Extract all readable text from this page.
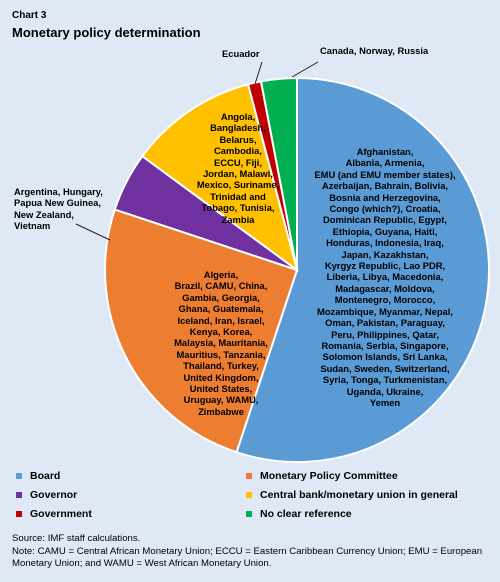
Chart 3
Monetary policy determination
Afghanistan,
Albania, Armenia,
EMU (and EMU member states),
Azerbaijan, Bahrain, Bolivia,
Bosnia and Herzegovina,
Congo (which?), Croatia,
Dominican Republic, Egypt,
Ethiopia, Guyana, Haiti,
Honduras, Indonesia, Iraq,
Japan, Kazakhstan,
Kyrgyz Republic, Lao PDR,
Liberia, Libya, Macedonia,
Madagascar, Moldova,
Montenegro, Morocco,
Mozambique, Myanmar, Nepal,
Oman, Pakistan, Paraguay,
Peru, Philippines, Qatar,
Romania, Serbia, Singapore,
Solomon Islands, Sri Lanka,
Sudan, Sweden, Switzerland,
Syria, Tonga, Turkmenistan,
Uganda, Ukraine,
Yemen
Algeria,
Brazil, CAMU, China,
Gambia, Georgia,
Ghana, Guatemala,
Iceland, Iran, Israel,
Kenya, Korea,
Malaysia, Mauritania,
Mauritius, Tanzania,
Thailand, Turkey,
United Kingdom,
United States,
Uruguay, WAMU,
Zimbabwe
Argentina, Hungary,
Papua New Guinea,
New Zealand,
Vietnam
Angola,
Bangladesh,
Belarus,
Cambodia,
ECCU, Fiji,
Jordan, Malawi,
Mexico, Suriname,
Trinidad and
Tobago, Tunisia,
Zambia
Ecuador	Canada, Norway, Russia
Board	Monetary Policy Committee
Governor	Central bank/monetary union in general
Government	No clear reference
Source: IMF staff calculations.
Note: CAMU = Central African Monetary Union; ECCU = Eastern Caribbean Currency Union; EMU = European Monetary Union; and WAMU = West African Monetary Union.
